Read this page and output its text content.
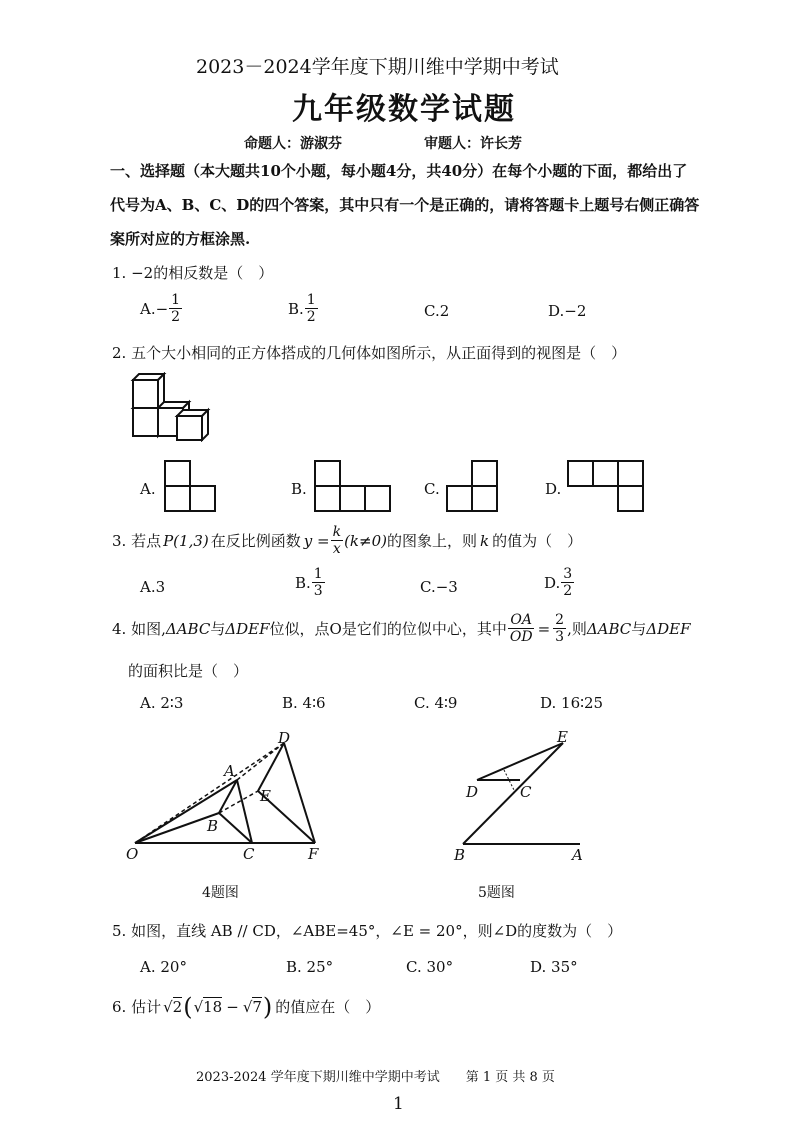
2023－2024学年度下期川维中学期中考试
九年级数学试题
命题人：游淑芬	审题人：许长芳
一、选择题（本大题共10个小题，每小题4分，共40分）在每个小题的下面，都给出了
代号为A、B、C、D的四个答案，其中只有一个是正确的，请将答题卡上题号右侧正确答
案所对应的方框涂黑.
1. −2的相反数是（　）
$A.- \frac{1}{2}$	B. $\frac{1}{2}$	C.2	D.−2
2. 五个大小相同的正方体搭成的几何体如图所示，从正面得到的视图是（　）
A.	B.	C.	D.
3. 若点 P(1,3) 在反比例函数 $y = \frac{k}{x} (k\ne 0)$ 的图象上，则 k 的值为（　）
A.3	B. $\frac{1}{3}$	C.−3	D. $\frac{3}{2}$
4. 如图, ΔABC 与 ΔDEF 位似，点O是它们的位似中心，其中 $\frac{OA}{OD} = \frac{2}{3}$ ,则 ΔABC 与 ΔDEF
的面积比是（　）
A. 2∶3	B. 4∶6	C. 4∶9	D. 16∶25
D
A
E
B
O	C	F
4题图
E
D	C
B	A
5题图
5. 如图，直线 AB // CD，∠ABE=45°，∠E = 20°，则∠D的度数为（　）
A. 20°	B. 25°	C. 30°	D. 35°
6. 估计 √2 ( √18 − √7 ) 的值应在（　）
2023-2024 学年度下期川维中学期中考试　　第 1 页 共 8 页
1
